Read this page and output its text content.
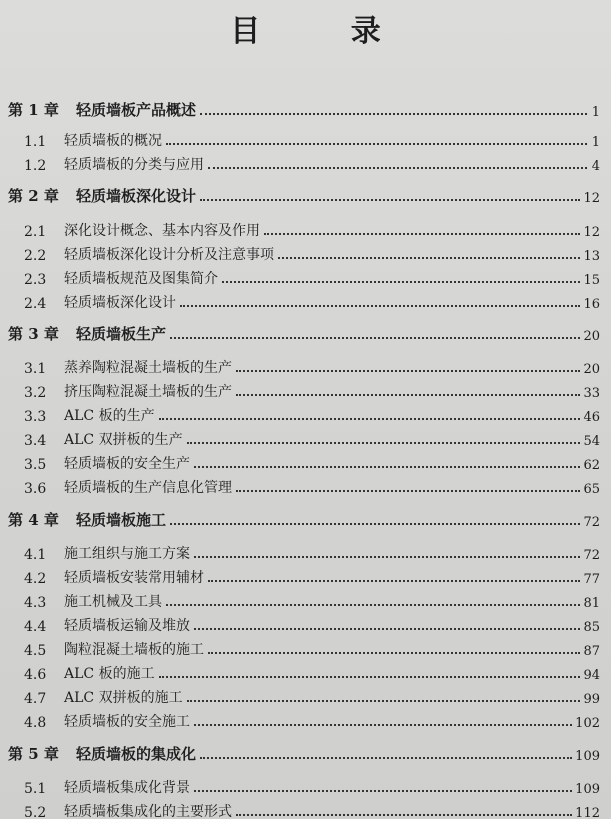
目 录
第 1 章	轻质墙板产品概述	1
1.1	轻质墙板的概况	1
1.2	轻质墙板的分类与应用	4
第 2 章	轻质墙板深化设计	12
2.1	深化设计概念、基本内容及作用	12
2.2	轻质墙板深化设计分析及注意事项	13
2.3	轻质墙板规范及图集简介	15
2.4	轻质墙板深化设计	16
第 3 章	轻质墙板生产	20
3.1	蒸养陶粒混凝土墙板的生产	20
3.2	挤压陶粒混凝土墙板的生产	33
3.3	ALC 板的生产	46
3.4	ALC 双拼板的生产	54
3.5	轻质墙板的安全生产	62
3.6	轻质墙板的生产信息化管理	65
第 4 章	轻质墙板施工	72
4.1	施工组织与施工方案	72
4.2	轻质墙板安装常用辅材	77
4.3	施工机械及工具	81
4.4	轻质墙板运输及堆放	85
4.5	陶粒混凝土墙板的施工	87
4.6	ALC 板的施工	94
4.7	ALC 双拼板的施工	99
4.8	轻质墙板的安全施工	102
第 5 章	轻质墙板的集成化	109
5.1	轻质墙板集成化背景	109
5.2	轻质墙板集成化的主要形式	112
